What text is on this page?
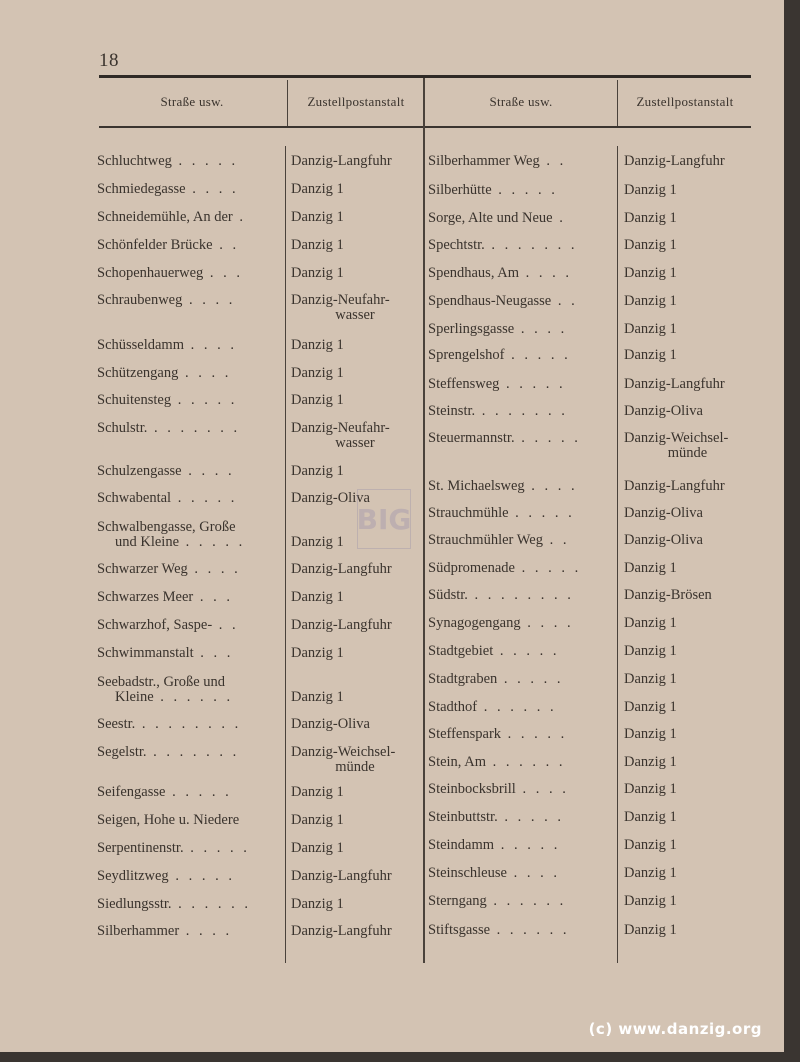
18
Straße usw.	Zustellpostanstalt	Straße usw.	Zustellpostanstalt
Schluchtweg . . . . .	Danzig-Langfuhr
Schmiedegasse . . . .	Danzig 1
Schneidemühle, An der .	Danzig 1
Schönfelder Brücke . .	Danzig 1
Schopenhauerweg . . .	Danzig 1
Schraubenweg . . . .	Danzig-Neufahr-
wasser
Schüsseldamm . . . .	Danzig 1
Schützengang . . . .	Danzig 1
Schuitensteg . . . . .	Danzig 1
Schulstr. . . . . . . .	Danzig-Neufahr-
wasser
Schulzengasse . . . .	Danzig 1
Schwabental . . . . .	Danzig-Oliva
Schwalbengasse, Große
und Kleine . . . . .	Danzig 1
Schwarzer Weg . . . .	Danzig-Langfuhr
Schwarzes Meer . . .	Danzig 1
Schwarzhof, Saspe- . .	Danzig-Langfuhr
Schwimmanstalt . . .	Danzig 1
Seebadstr., Große und
Kleine . . . . . .	Danzig 1
Seestr. . . . . . . . .	Danzig-Oliva
Segelstr. . . . . . . .	Danzig-Weichsel-
münde
Seifengasse . . . . .	Danzig 1
Seigen, Hohe u. Niedere	Danzig 1
Serpentinenstr. . . . . .	Danzig 1
Seydlitzweg . . . . .	Danzig-Langfuhr
Siedlungsstr. . . . . . .	Danzig 1
Silberhammer . . . .	Danzig-Langfuhr
Silberhammer Weg . .	Danzig-Langfuhr
Silberhütte . . . . .	Danzig 1
Sorge, Alte und Neue .	Danzig 1
Spechtstr. . . . . . . .	Danzig 1
Spendhaus, Am . . . .	Danzig 1
Spendhaus-Neugasse . .	Danzig 1
Sperlingsgasse . . . .	Danzig 1
Sprengelshof . . . . .	Danzig 1
Steffensweg . . . . .	Danzig-Langfuhr
Steinstr. . . . . . . .	Danzig-Oliva
Steuermannstr. . . . . .	Danzig-Weichsel-
münde
St. Michaelsweg . . . .	Danzig-Langfuhr
Strauchmühle . . . . .	Danzig-Oliva
Strauchmühler Weg . .	Danzig-Oliva
Südpromenade . . . . .	Danzig 1
Südstr. . . . . . . . .	Danzig-Brösen
Synagogengang . . . .	Danzig 1
Stadtgebiet . . . . .	Danzig 1
Stadtgraben . . . . .	Danzig 1
Stadthof . . . . . .	Danzig 1
Steffenspark . . . . .	Danzig 1
Stein, Am . . . . . .	Danzig 1
Steinbocksbrill . . . .	Danzig 1
Steinbuttstr. . . . . .	Danzig 1
Steindamm . . . . .	Danzig 1
Steinschleuse . . . .	Danzig 1
Sterngang . . . . . .	Danzig 1
Stiftsgasse . . . . . .	Danzig 1
BIG
(c) www.danzig.org
